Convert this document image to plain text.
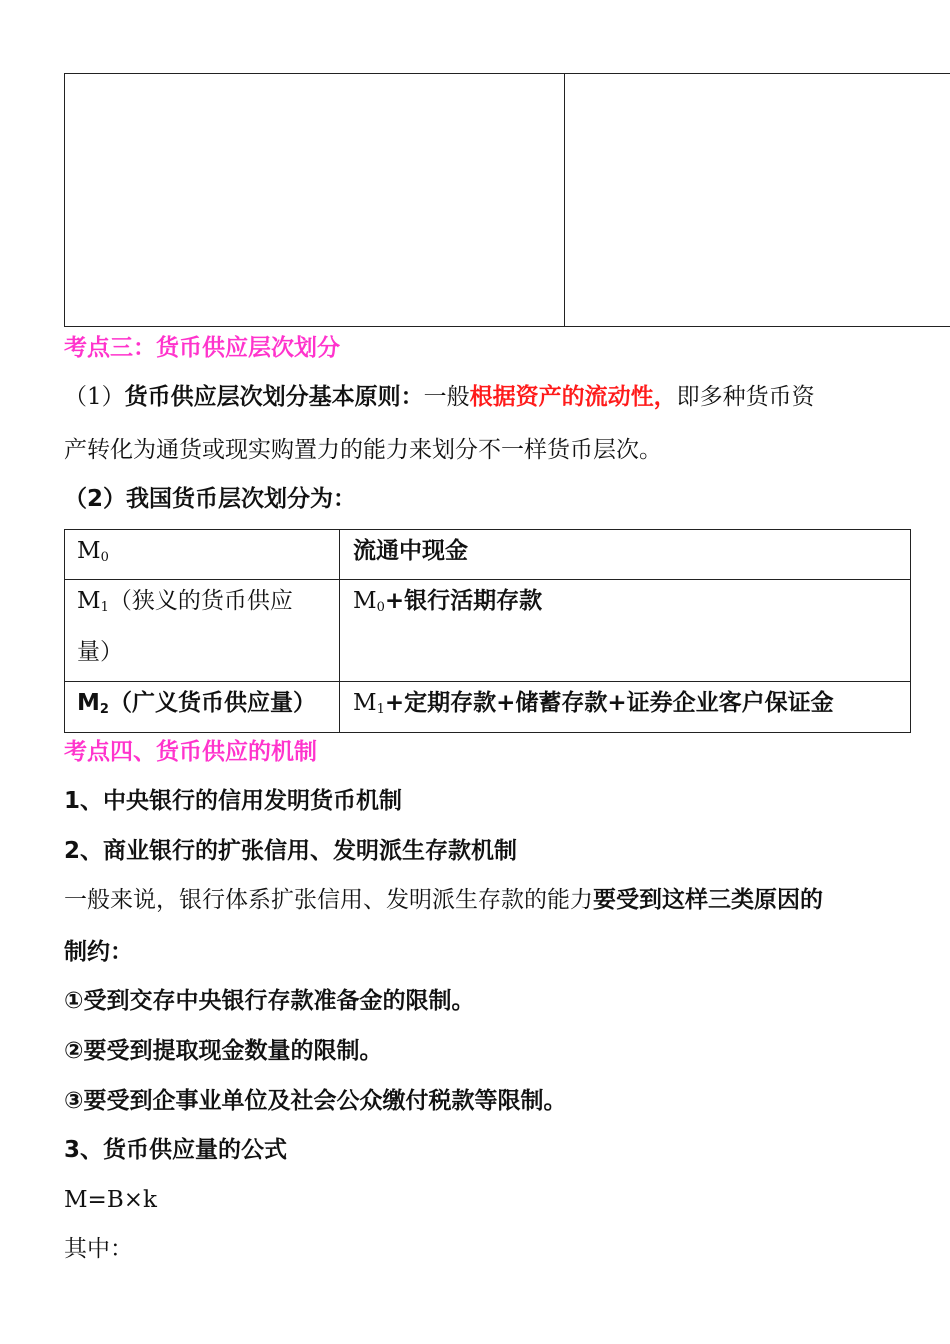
考点三：货币供应层次划分
（1）货币供应层次划分基本原则：一般根据资产的流动性，即多种货币资
产转化为通货或现实购置力的能力来划分不一样货币层次。
（2）我国货币层次划分为：
$M_0$	流通中现金
$M_1$（狭义的货币供应
量）
$M_0+$银行活期存款
$M_2$（广义货币供应量） $M_1+$定期存款+储蓄存款+证券企业客户保证金
考点四、货币供应的机制
1、中央银行的信用发明货币机制
2、商业银行的扩张信用、发明派生存款机制
一般来说，银行体系扩张信用、发明派生存款的能力要受到这样三类原因的
制约：
①受到交存中央银行存款准备金的限制。
②要受到提取现金数量的限制。
③要受到企事业单位及社会公众缴付税款等限制。
3、货币供应量的公式
M=B×k
其中：
